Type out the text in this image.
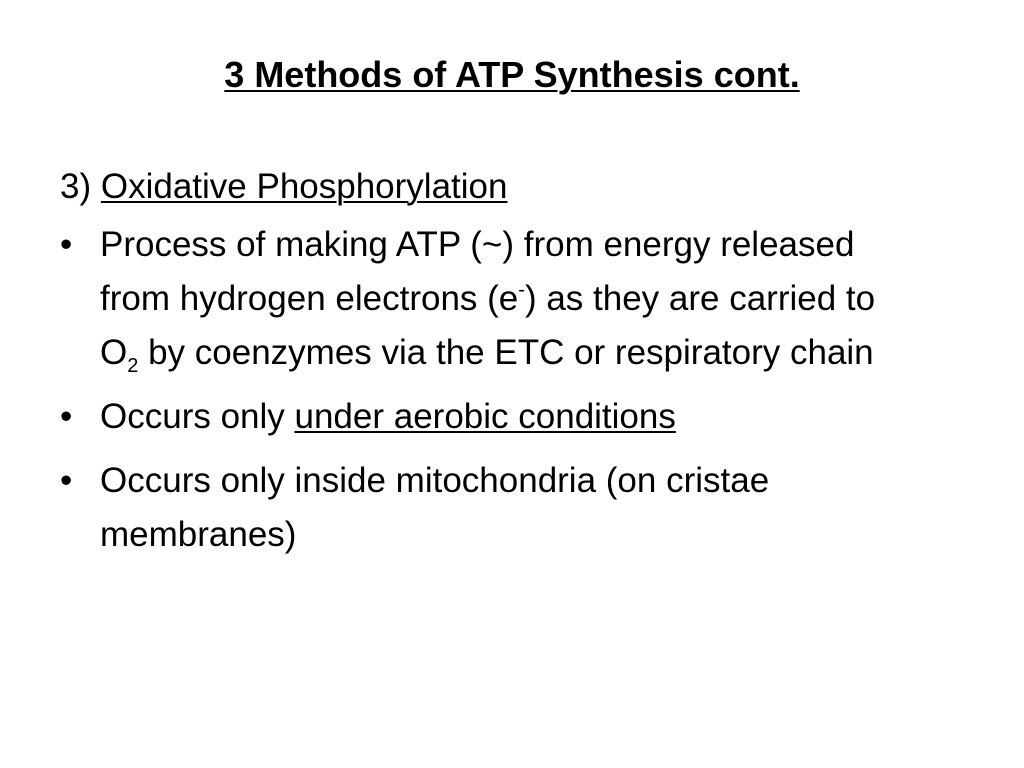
3 Methods of ATP Synthesis cont.

3) Oxidative Phosphorylation

• Process of making ATP (~) from energy released from hydrogen electrons (e-) as they are carried to $O_2$ by coenzymes via the ETC or respiratory chain
• Occurs only under aerobic conditions
• Occurs only inside mitochondria (on cristae membranes)
